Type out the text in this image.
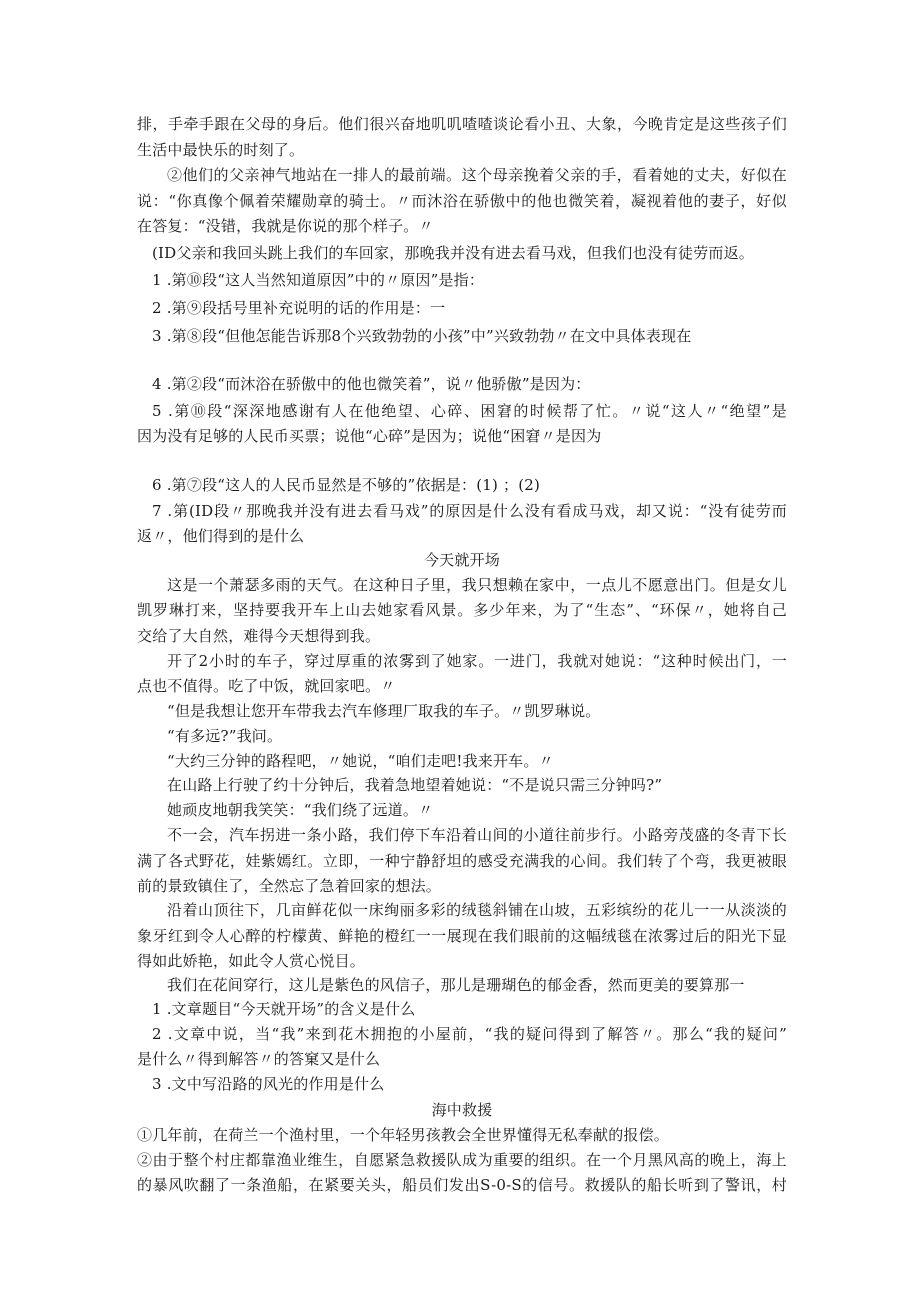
排，手牵手跟在父母的身后。他们很兴奋地叽叽喳喳谈论看小丑、大象，今晚肯定是这些孩子们
生活中最快乐的时刻了。
②他们的父亲神气地站在一排人的最前端。这个母亲挽着父亲的手，看着她的丈夫，好似在
说：“你真像个佩着荣耀勋章的骑士。〃而沐浴在骄傲中的他也微笑着，凝视着他的妻子，好似
在答复：“没错，我就是你说的那个样子。〃
(ID父亲和我回头跳上我们的车回家，那晚我并没有进去看马戏，但我们也没有徒劳而返。
1 .第⑩段“这人当然知道原因”中的〃原因”是指：
2 .第⑨段括号里补充说明的话的作用是：一
3 .第⑧段“但他怎能告诉那8个兴致勃勃的小孩”中”兴致勃勃〃在文中具体表现在
4 .第②段“而沐浴在骄傲中的他也微笑着”，说〃他骄傲”是因为：
5 .第⑩段“深深地感谢有人在他绝望、心碎、困窘的时候帮了忙。〃说“这人〃“绝望”是
因为没有足够的人民币买票；说他“心碎”是因为；说他“困窘〃是因为
6 .第⑦段“这人的人民币显然是不够的”依据是：(1) ；(2)
7 .第(ID段〃那晚我并没有进去看马戏”的原因是什么没有看成马戏，却又说：“没有徒劳而
返〃，他们得到的是什么
今天就开场
这是一个萧瑟多雨的天气。在这种日子里，我只想赖在家中，一点儿不愿意出门。但是女儿
凯罗琳打来，坚持要我开车上山去她家看风景。多少年来，为了“生态”、“环保〃，她将自己
交给了大自然，难得今天想得到我。
开了2小时的车子，穿过厚重的浓雾到了她家。一进门，我就对她说：“这种时候出门，一
点也不值得。吃了中饭，就回家吧。〃
“但是我想让您开车带我去汽车修理厂取我的车子。〃凯罗琳说。
“有多远?”我问。
“大约三分钟的路程吧，〃她说，“咱们走吧!我来开车。〃
在山路上行驶了约十分钟后，我着急地望着她说：“不是说只需三分钟吗?”
她顽皮地朝我笑笑：“我们绕了远道。〃
不一会，汽车拐进一条小路，我们停下车沿着山间的小道往前步行。小路旁茂盛的冬青下长
满了各式野花，娃紫嫣红。立即，一种宁静舒坦的感受充满我的心间。我们转了个弯，我更被眼
前的景致镇住了，全然忘了急着回家的想法。
沿着山顶往下，几亩鲜花似一床绚丽多彩的绒毯斜铺在山坡，五彩缤纷的花儿一一从淡淡的
象牙红到令人心醉的柠檬黄、鲜艳的橙红一一展现在我们眼前的这幅绒毯在浓雾过后的阳光下显
得如此娇艳，如此令人赏心悦目。
我们在花间穿行，这儿是紫色的风信子，那儿是珊瑚色的郁金香，然而更美的要算那一
1 .文章题目“今天就开场”的含义是什么
2 .文章中说，当“我”来到花木拥抱的小屋前，“我的疑问得到了解答〃。那么“我的疑问”
是什么〃得到解答〃的答窠又是什么
3 .文中写沿路的风光的作用是什么
海中救援
①几年前，在荷兰一个渔村里，一个年轻男孩教会全世界懂得无私奉献的报偿。
②由于整个村庄都靠渔业维生，自愿紧急救援队成为重要的组织。在一个月黑风高的晚上，海上
的暴风吹翻了一条渔船，在紧要关头，船员们发出S-0-S的信号。救援队的船长听到了警讯，村
